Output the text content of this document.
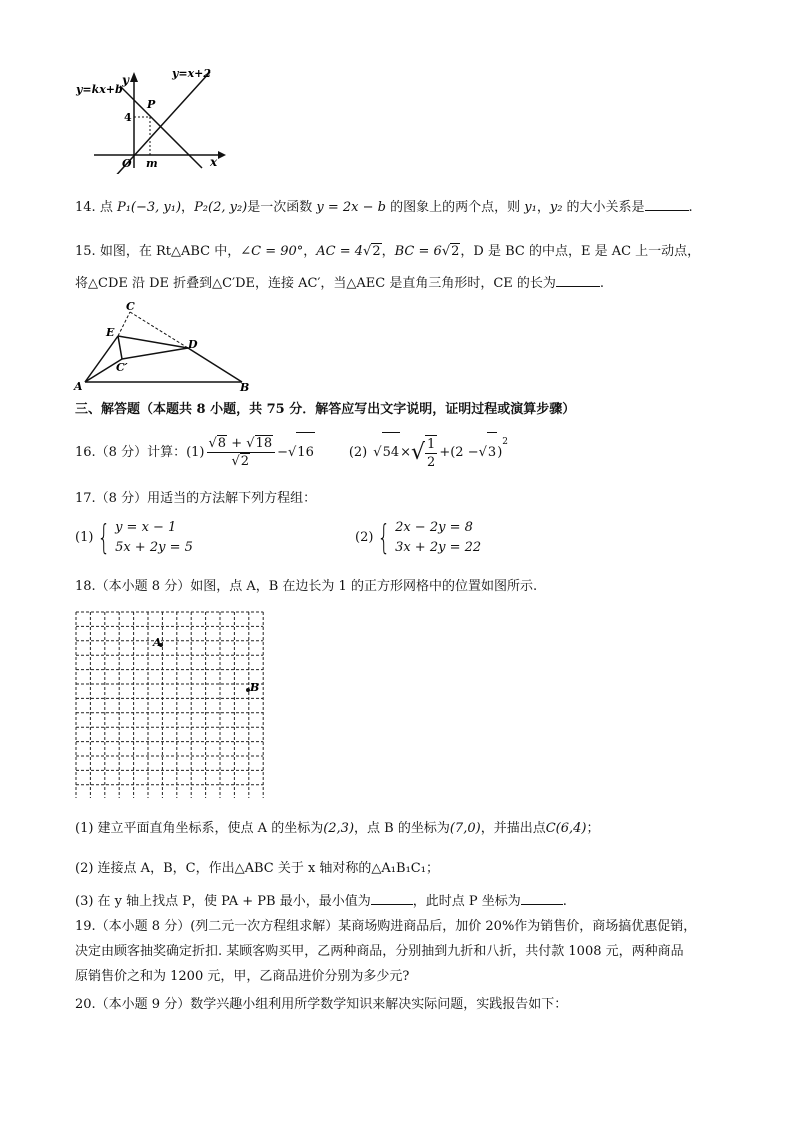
y=kx+b
y=x+2
y
P
4
O m	x
14. 点 P₁(−3, y₁)，P₂(2, y₂)是一次函数 y = 2x − b 的图象上的两个点，则 y₁，y₂ 的大小关系是	.
15. 如图，在 Rt△ABC 中，∠C = 90°，AC = 4√2，BC = 6√2，D 是 BC 的中点，E 是 AC 上一动点，
将△CDE 沿 DE 折叠到△C′DE，连接 AC′，当△AEC 是直角三角形时，CE 的长为	.
C
E
D
C′
A	B
三、解答题（本题共 8 小题，共 75 分．解答应写出文字说明，证明过程或演算步骤）
16.（8 分）计算：$(1) \frac{√8 + √18}{√2}$ − √ 16	(2) √ 54 × √ $\frac{1}{2} + (2$ − √ 3 )
$^2$
17.（8 分）用适当的方法解下列方程组：
(1) { y = x − 1
5x + 2y = 5
(2) { 2x − 2y = 8
3x + 2y = 22
18.（本小题 8 分）如图，点 A，B 在边长为 1 的正方形网格中的位置如图所示.
A
B
(1) 建立平面直角坐标系，使点 A 的坐标为(2,3)，点 B 的坐标为(7,0)，并描出点C(6,4)；
(2) 连接点 A，B，C，作出△ABC 关于 x 轴对称的△A₁B₁C₁；
(3) 在 y 轴上找点 P，使 PA + PB 最小，最小值为	，此时点 P 坐标为	.
19.（本小题 8 分）(列二元一次方程组求解）某商场购进商品后，加价 20%作为销售价，商场搞优惠促销，
决定由顾客抽奖确定折扣. 某顾客购买甲，乙两种商品，分别抽到九折和八折，共付款 1008 元，两种商品
原销售价之和为 1200 元，甲，乙商品进价分别为多少元?
20.（本小题 9 分）数学兴趣小组利用所学数学知识来解决实际问题，实践报告如下：
